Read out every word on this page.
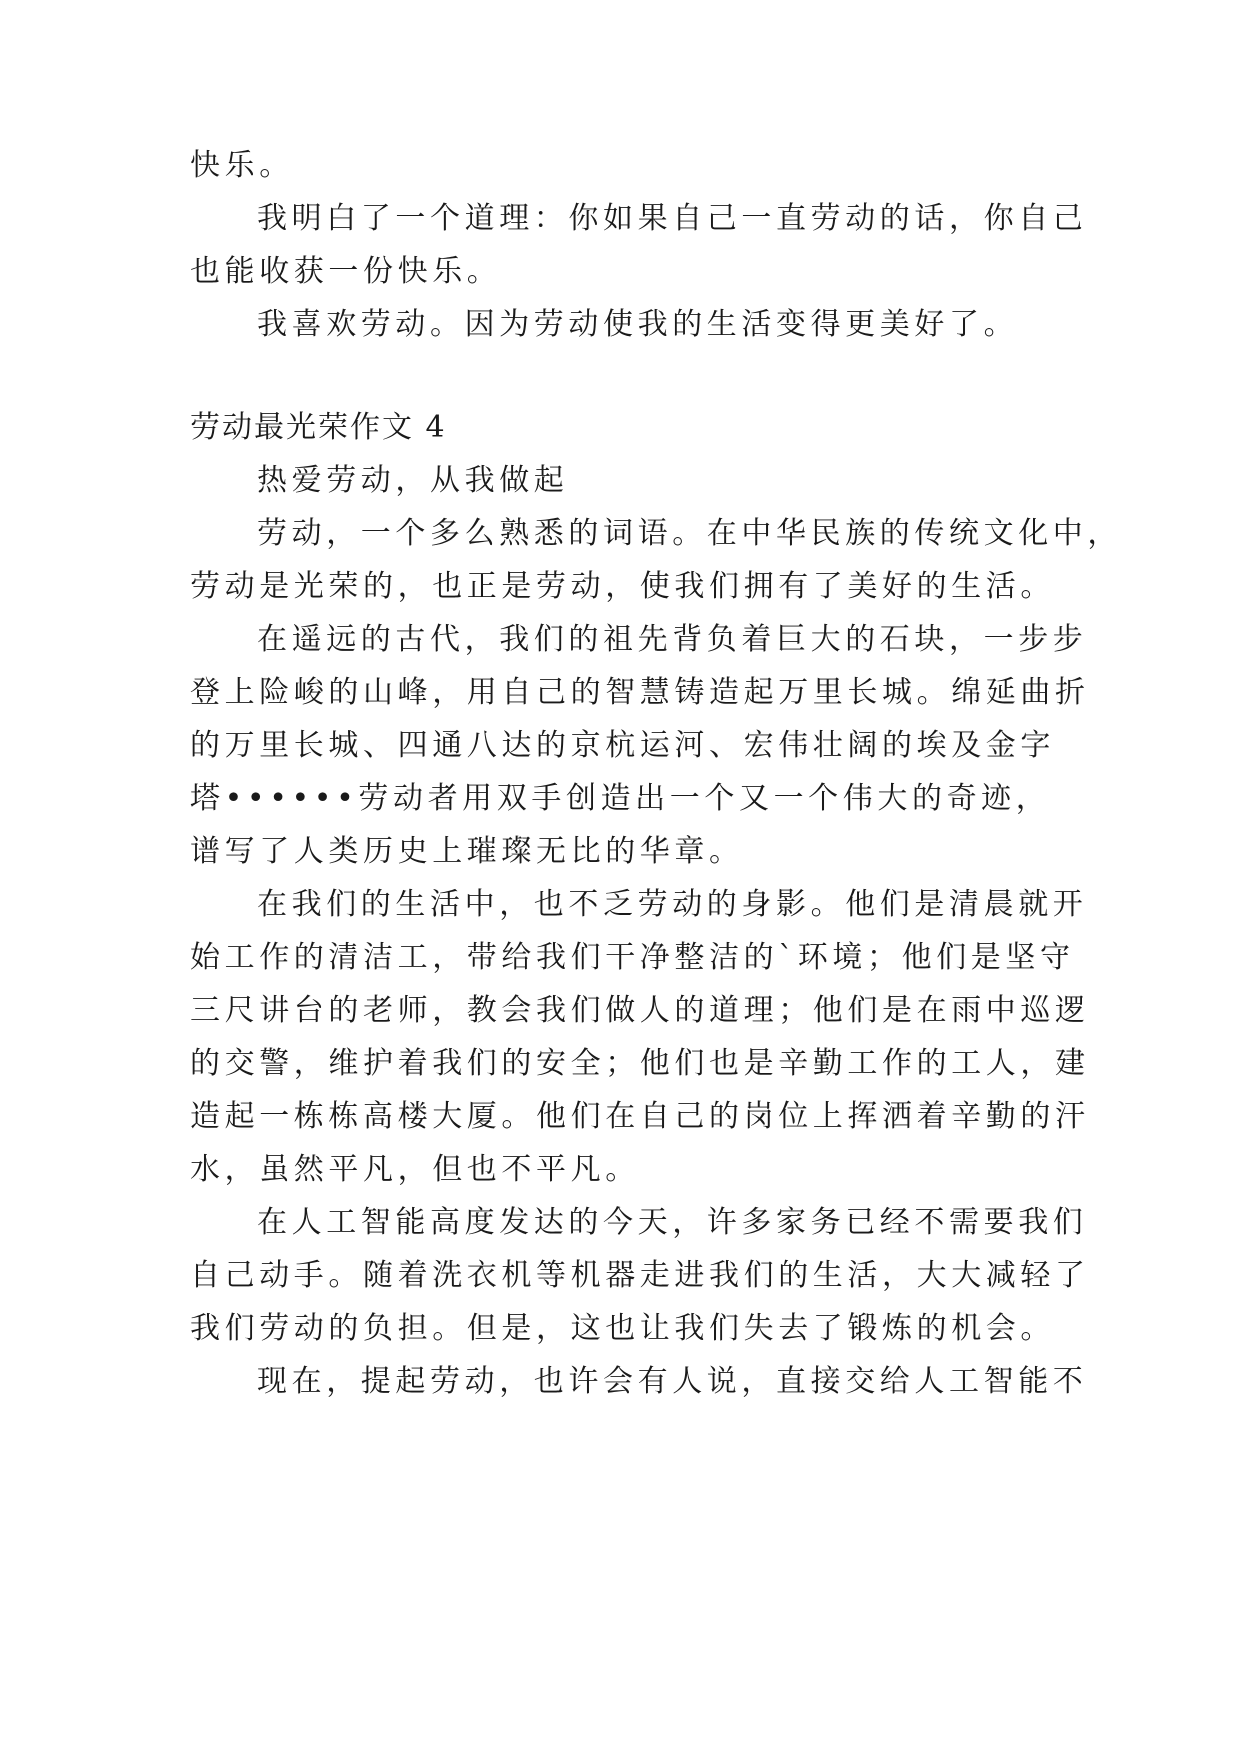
快乐。
我明白了一个道理：你如果自己一直劳动的话，你自己
也能收获一份快乐。
我喜欢劳动。因为劳动使我的生活变得更美好了。
劳动最光荣作文 4
热爱劳动，从我做起
劳动，一个多么熟悉的词语。在中华民族的传统文化中，
劳动是光荣的，也正是劳动，使我们拥有了美好的生活。
在遥远的古代，我们的祖先背负着巨大的石块，一步步
登上险峻的山峰，用自己的智慧铸造起万里长城。绵延曲折
的万里长城、四通八达的京杭运河、宏伟壮阔的埃及金字
塔••••••劳动者用双手创造出一个又一个伟大的奇迹，
谱写了人类历史上璀璨无比的华章。
在我们的生活中，也不乏劳动的身影。他们是清晨就开
始工作的清洁工，带给我们干净整洁的`环境；他们是坚守
三尺讲台的老师，教会我们做人的道理；他们是在雨中巡逻
的交警，维护着我们的安全；他们也是辛勤工作的工人，建
造起一栋栋高楼大厦。他们在自己的岗位上挥洒着辛勤的汗
水，虽然平凡，但也不平凡。
在人工智能高度发达的今天，许多家务已经不需要我们
自己动手。随着洗衣机等机器走进我们的生活，大大减轻了
我们劳动的负担。但是，这也让我们失去了锻炼的机会。
现在，提起劳动，也许会有人说，直接交给人工智能不
